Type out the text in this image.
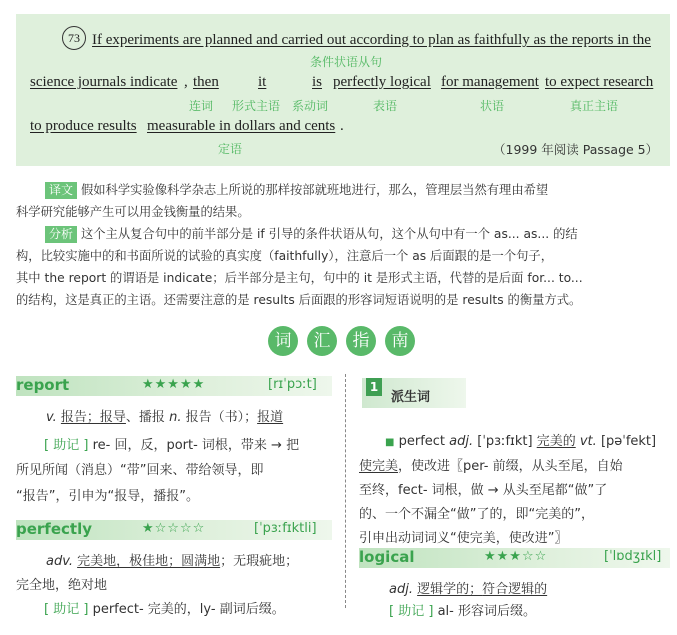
73 If experiments are planned and carried out according to plan as faithfully as the reports in the
条件状语从句
science journals indicate , then	it	is perfectly logical for management to expect research
连词 形式主语 系动词	表语	状语	真正主语
to produce results measurable in dollars and cents .
定语	（1999 年阅读 Passage 5）
译文 假如科学实验像科学杂志上所说的那样按部就班地进行，那么，管理层当然有理由希望
科学研究能够产生可以用金钱衡量的结果。
分析 这个主从复合句中的前半部分是 if 引导的条件状语从句，这个从句中有一个 as... as... 的结
构，比较实施中的和书面所说的试验的真实度（faithfully），注意后一个 as 后面跟的是一个句子，
其中 the report 的谓语是 indicate；后半部分是主句，句中的 it 是形式主语，代替的是后面 for... to...
的结构，这是真正的主语。还需要注意的是 results 后面跟的形容词短语说明的是 results 的衡量方式。
词	汇	指	南
report	★★★★★	[rɪˈpɔːt]
v. 报告；报导、播报 n. 报告（书）；报道
[ 助记 ] re- 回，反，port- 词根，带来 → 把
所见所闻（消息）“带”回来、带给领导，即
“报告”，引申为“报导，播报”。
perfectly	★☆☆☆☆	[ˈpɜːfɪktli]
adv. 完美地，极佳地；圆满地；无瑕疵地；
完全地，绝对地
[ 助记 ] perfect- 完美的，ly- 副词后缀。
1
派生词
■ perfect adj. [ˈpɜːfɪkt] 完美的 vt. [pəˈfekt]
使完美，使改进〖per- 前缀，从头至尾，自始
至终，fect- 词根，做 → 从头至尾都“做”了
的、一个不漏全“做”了的，即“完美的”，
引申出动词词义“使完美，使改进”〗
logical	★★★☆☆	[ˈlɒdʒɪkl]
adj. 逻辑学的；符合逻辑的
[ 助记 ] al- 形容词后缀。
